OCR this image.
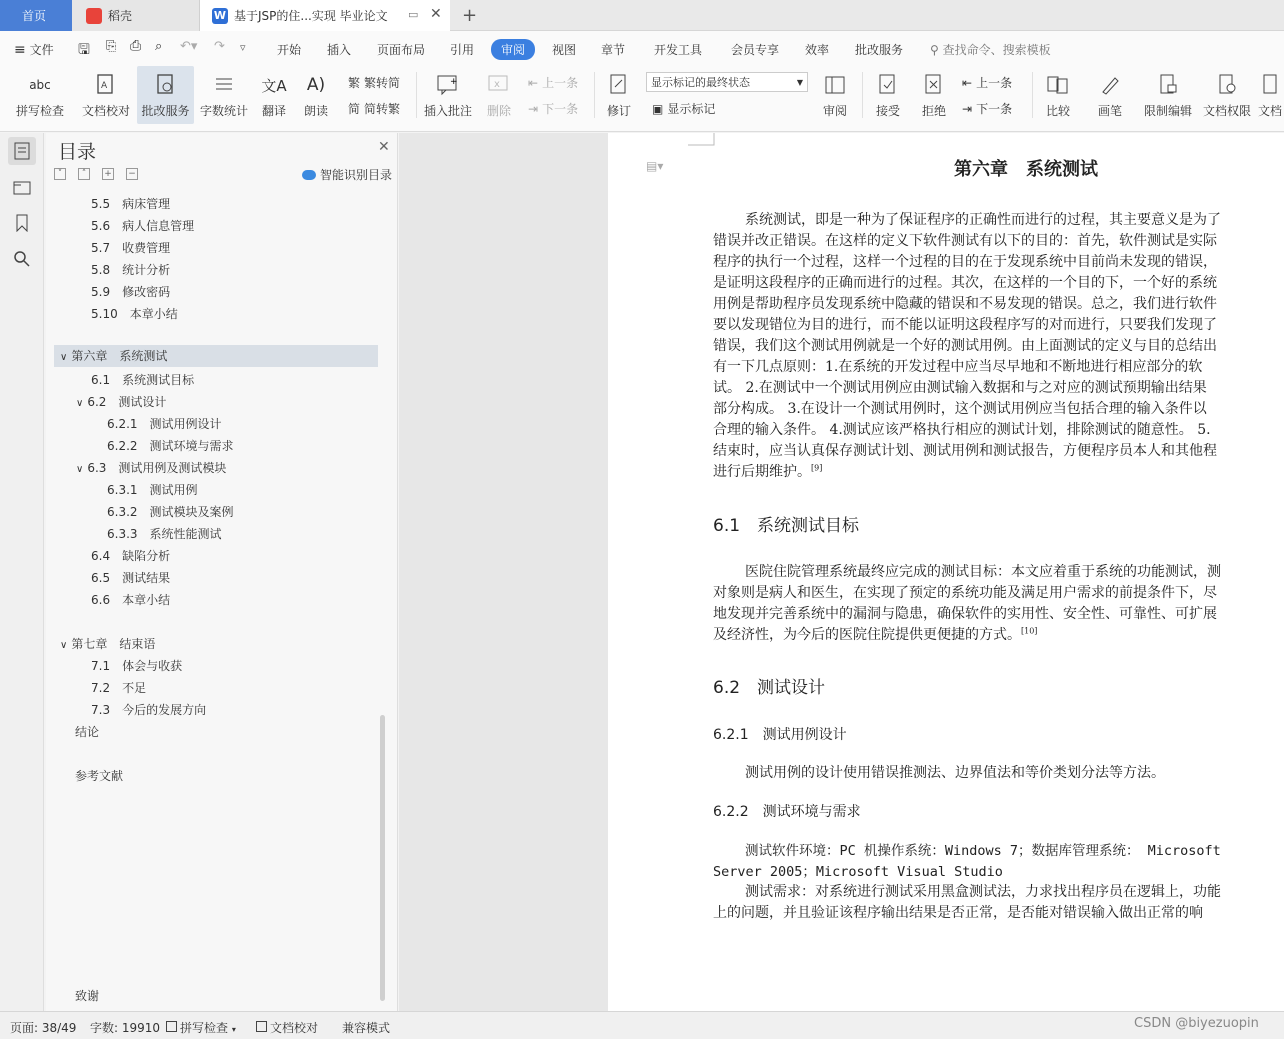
首页	稻壳	W 基于JSP的住...实现 毕业论文 ▭ ✕ +
≡ 文件 🖫 ⎘ ⎙ ⌕ ↶▾ ↷ ▿	开始 插入 页面布局 引用	审阅	视图 章节 开发工具 会员专享 效率 批改服务 ⚲ 查找命令、搜索模板
abc

拼写检查
A
文档校对 批改服务 字数统计
文A
翻译
A)
朗读
繁 繁转简
简 简转繁
+
插入批注
x
删除
⇤ 上一条
⇥ 下一条 修订
显示标记的最终状态	▼
▣ 显示标记	审阅 接受 拒绝
⇤ 上一条
⇥ 下一条	比较 画笔 限制编辑 文档权限 文档
目录	✕
˅	˄	+ −	智能识别目录
5.5　病床管理
5.6　病人信息管理
5.7　收费管理
5.8　统计分析
5.9　修改密码
5.10　本章小结
∨ 第六章　系统测试
6.1　系统测试目标
∨ 6.2　测试设计
6.2.1　测试用例设计
6.2.2　测试环境与需求
∨ 6.3　测试用例及测试模块
6.3.1　测试用例
6.3.2　测试模块及案例
6.3.3　系统性能测试
6.4　缺陷分析
6.5　测试结果
6.6　本章小结
∨ 第七章　结束语
7.1　体会与收获
7.2　不足
7.3　今后的发展方向
结论
参考文献
致谢
▤▾	第六章　系统测试
系统测试，即是一种为了保证程序的正确性而进行的过程，其主要意义是为了
错误并改正错误。在这样的定义下软件测试有以下的目的：首先，软件测试是实际
程序的执行一个过程，这样一个过程的目的在于发现系统中目前尚未发现的错误，
是证明这段程序的正确而进行的过程。其次，在这样的一个目的下，一个好的系统
用例是帮助程序员发现系统中隐藏的错误和不易发现的错误。总之，我们进行软件
要以发现错位为目的进行，而不能以证明这段程序写的对而进行，只要我们发现了
错误，我们这个测试用例就是一个好的测试用例。由上面测试的定义与目的总结出
有一下几点原则：1.在系统的开发过程中应当尽早地和不断地进行相应部分的软
试。 2.在测试中一个测试用例应由测试输入数据和与之对应的测试预期输出结果
部分构成。 3.在设计一个测试用例时，这个测试用例应当包括合理的输入条件以
合理的输入条件。 4.测试应该严格执行相应的测试计划，排除测试的随意性。 5.
结束时，应当认真保存测试计划、测试用例和测试报告，方便程序员本人和其他程
进行后期维护。[9]
6.1　系统测试目标
医院住院管理系统最终应完成的测试目标：本文应着重于系统的功能测试，测
对象则是病人和医生，在实现了预定的系统功能及满足用户需求的前提条件下，尽
地发现并完善系统中的漏洞与隐患，确保软件的实用性、安全性、可靠性、可扩展
及经济性，为今后的医院住院提供更便捷的方式。[10]
6.2　测试设计
6.2.1　测试用例设计
测试用例的设计使用错误推测法、边界值法和等价类划分法等方法。
6.2.2　测试环境与需求
测试软件环境：PC 机操作系统：Windows 7；数据库管理系统： Microsoft
Server 2005；Microsoft Visual Studio
测试需求：对系统进行测试采用黑盒测试法，力求找出程序员在逻辑上，功能
上的问题，并且验证该程序输出结果是否正常，是否能对错误输入做出正常的响
页面: 38/49 字数: 19910	拼写检查 ▾	文档校对 兼容模式	CSDN @biyezuopin
